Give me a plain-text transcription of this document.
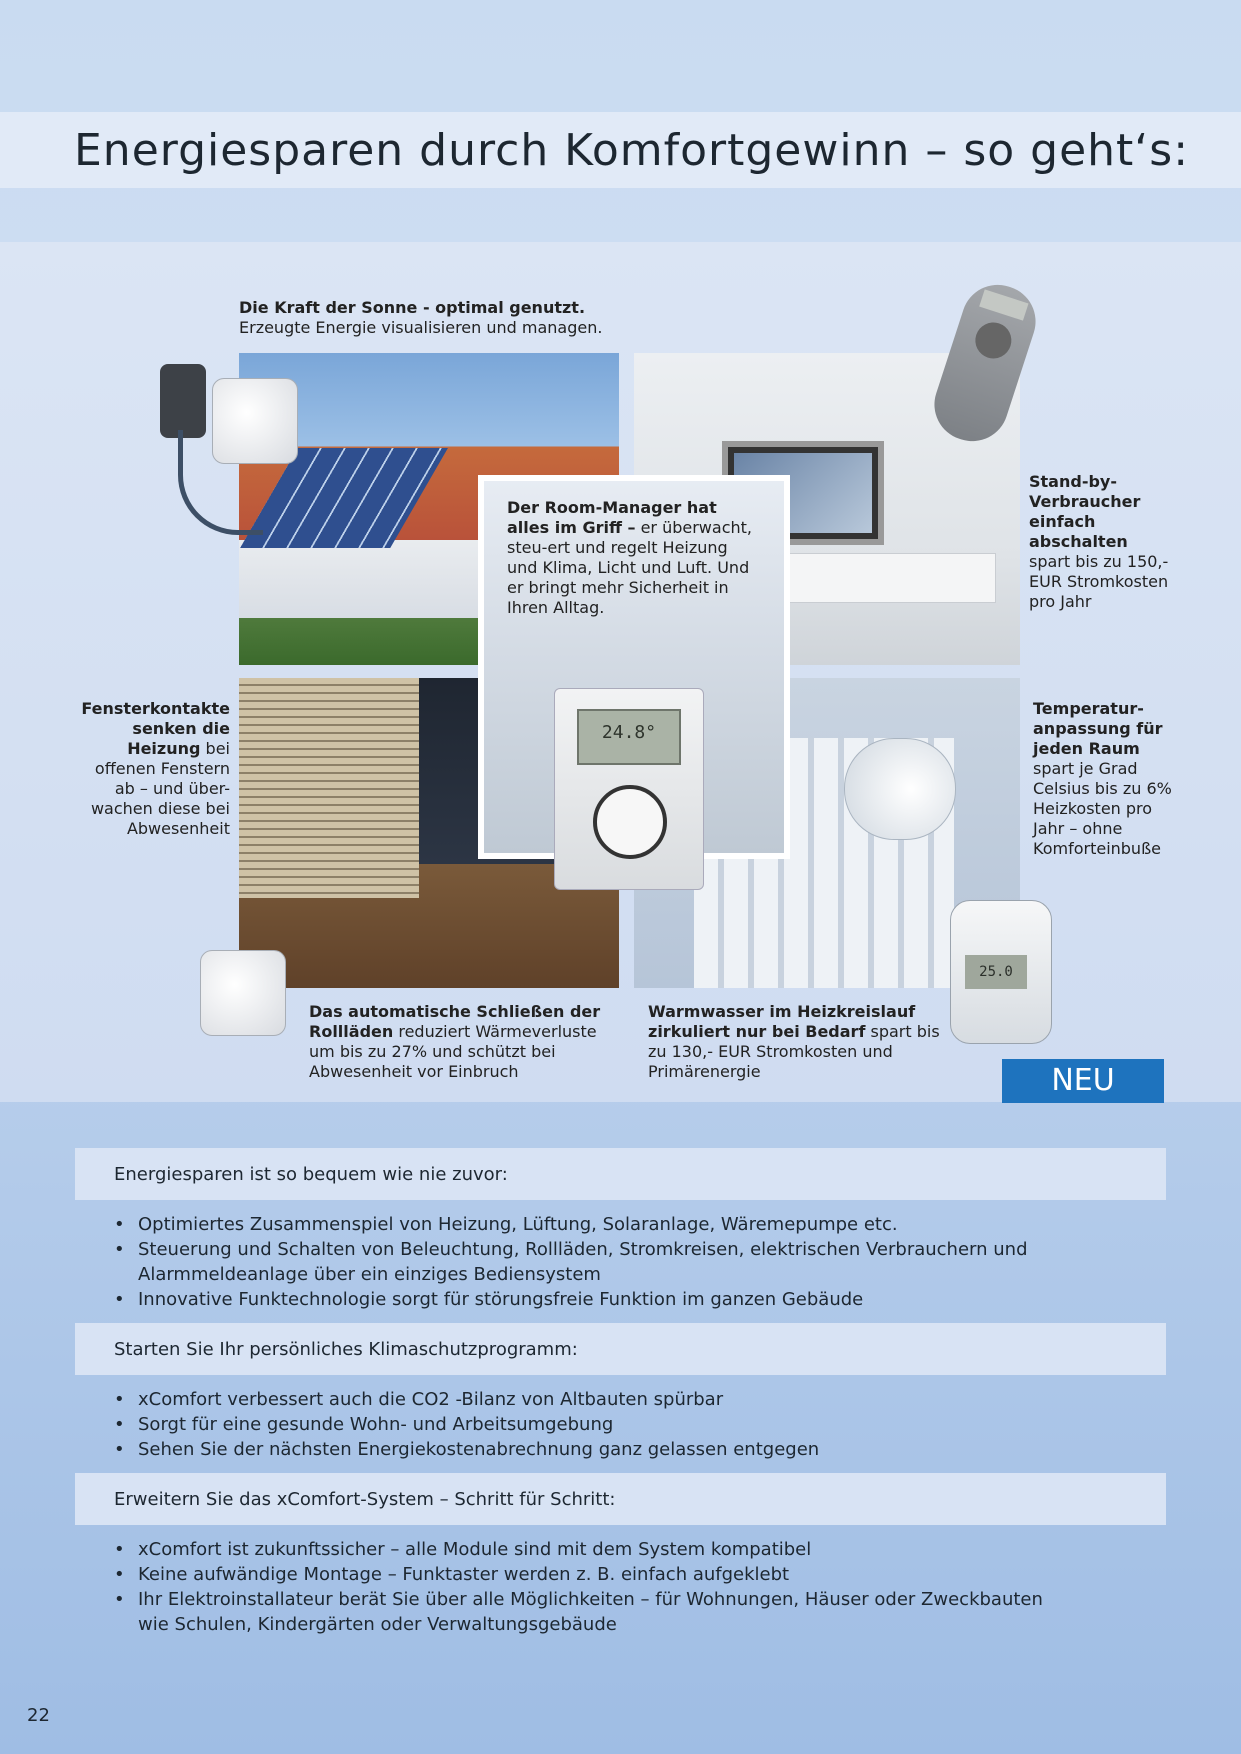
Energiesparen durch Komfortgewinn – so geht‘s:
Die Kraft der Sonne - optimal genutzt.
Erzeugte Energie visualisieren und managen.
Der Room-Manager hat alles im Griff – er überwacht, steu-ert und regelt Heizung und Klima, Licht und Luft. Und er bringt mehr Sicherheit in Ihren Alltag.
24.8°
25.0
Stand-by-Verbraucher einfach abschalten
spart bis zu 150,- EUR Stromkosten pro Jahr
Fensterkontakte senken die Heizung bei offenen Fenstern ab – und über-wachen diese bei Abwesenheit
Temperatur-anpassung für jeden Raum
spart je Grad Celsius bis zu 6% Heizkosten pro Jahr – ohne Komforteinbuße
Das automatische Schließen der Rollläden reduziert Wärmeverluste um bis zu 27% und schützt bei Abwesenheit vor Einbruch
Warmwasser im Heizkreislauf zirkuliert nur bei Bedarf spart bis zu 130,- EUR Stromkosten und Primärenergie	NEU
Energiesparen ist so bequem wie nie zuvor:
• Optimiertes Zusammenspiel von Heizung, Lüftung, Solaranlage, Wäremepumpe etc.
• Steuerung und Schalten von Beleuchtung, Rollläden, Stromkreisen, elektrischen Verbrauchern und Alarmmeldeanlage über ein einziges Bediensystem
• Innovative Funktechnologie sorgt für störungsfreie Funktion im ganzen Gebäude
Starten Sie Ihr persönliches Klimaschutzprogramm:
• xComfort verbessert auch die CO2 -Bilanz von Altbauten spürbar
• Sorgt für eine gesunde Wohn- und Arbeitsumgebung
• Sehen Sie der nächsten Energiekostenabrechnung ganz gelassen entgegen
Erweitern Sie das xComfort-System – Schritt für Schritt:
• xComfort ist zukunftssicher – alle Module sind mit dem System kompatibel
• Keine aufwändige Montage – Funktaster werden z. B. einfach aufgeklebt
• Ihr Elektroinstallateur berät Sie über alle Möglichkeiten – für Wohnungen, Häuser oder Zweckbauten wie Schulen, Kindergärten oder Verwaltungsgebäude
22
